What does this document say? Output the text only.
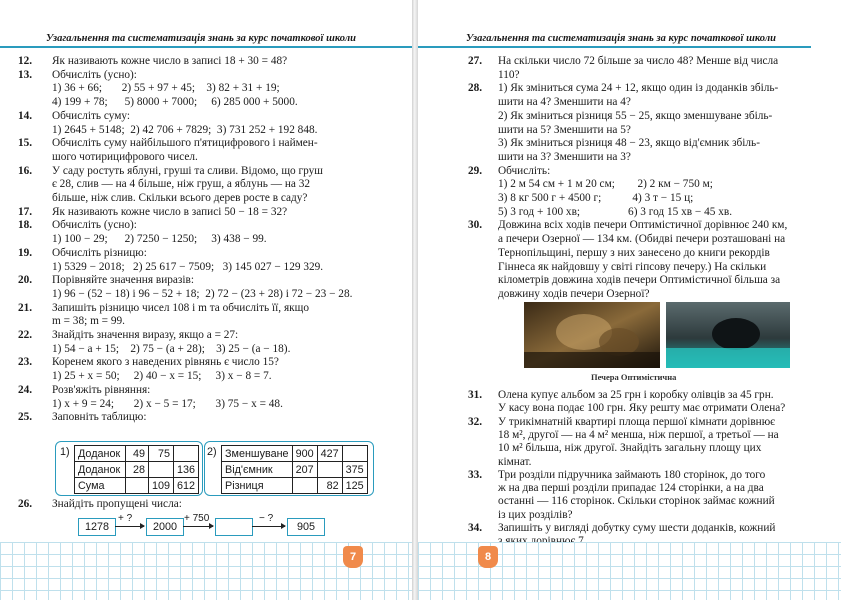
Узагальнення та систематизація знань за курс початкової школи
12. Як називають кожне число в записі 18 + 30 = 48?
13. Обчисліть (усно):
1) 36 + 66;       2) 55 + 97 + 45;    3) 82 + 31 + 19;
4) 199 + 78;      5) 8000 + 7000;     6) 285 000 + 5000.
14. Обчисліть суму:
1) 2645 + 5148;  2) 42 706 + 7829;  3) 731 252 + 192 848.
15. Обчисліть суму найбільшого п'ятицифрового і наймен-
шого чотирицифрового чисел.
16. У саду ростуть яблуні, груші та сливи. Відомо, що груш
є 28, слив — на 4 більше, ніж груш, а яблунь — на 32
більше, ніж слив. Скільки всього дерев росте в саду?
17. Як називають кожне число в записі 50 − 18 = 32?
18. Обчисліть (усно):
1) 100 − 29;      2) 7250 − 1250;     3) 438 − 99.
19. Обчисліть різницю:
1) 5329 − 2018;   2) 25 617 − 7509;   3) 145 027 − 129 329.
20. Порівняйте значення виразів:
1) 96 − (52 − 18) і 96 − 52 + 18;  2) 72 − (23 + 28) і 72 − 23 − 28.
21. Запишіть різницю чисел 108 і m та обчисліть її, якщо
m = 38; m = 99.
22. Знайдіть значення виразу, якщо a = 27:
1) 54 − a + 15;    2) 75 − (a + 28);    3) 25 − (a − 18).
23. Коренем якого з наведених рівнянь є число 15?
1) 25 + x = 50;     2) 40 − x = 15;     3) x − 8 = 7.
24. Розв'яжіть рівняння:
1) x + 9 = 24;       2) x − 5 = 17;       3) 75 − x = 48.
25. Заповніть таблицю:
1) Доданок	49	75	
Доданок	28		136
Сума		109	612
2) Зменшуване	900	427	
Від'ємник	207		375
Різниця		82	125
26. Знайдіть пропущені числа:
1278
+ ?
2000
+ 750	− ?
905
7
Узагальнення та систематизація знань за курс початкової школи
27. На скільки число 72 більше за число 48? Менше від числа
110?
28. 1) Як зміниться сума 24 + 12, якщо один із доданків збіль-
шити на 4? Зменшити на 4?
2) Як зміниться різниця 55 − 25, якщо зменшуване збіль-
шити на 5? Зменшити на 5?
3) Як зміниться різниця 48 − 23, якщо від'ємник збіль-
шити на 3? Зменшити на 3?
29. Обчисліть:
1) 2 м 54 см + 1 м 20 см;        2) 2 км − 750 м;
3) 8 кг 500 г + 4500 г;           4) 3 т − 15 ц;
5) 3 год + 100 хв;                 6) 3 год 15 хв − 45 хв.
30. Довжина всіх ходів печери Оптимістичної дорівнює 240 км,
а печери Озерної — 134 км. (Обидві печери розташовані на
Тернопільщині, першу з них занесено до книги рекордів
Гіннеса як найдовшу у світі гіпсову печеру.) На скільки
кілометрів довжина ходів печери Оптимістичної більша за
довжину ходів печери Озерної?
Печера Оптимістична
31. Олена купує альбом за 25 грн і коробку олівців за 45 грн.
У касу вона подає 100 грн. Яку решту має отримати Олена?
32. У трикімнатній квартирі площа першої кімнати дорівнює
18 м², другої — на 4 м² менша, ніж першої, а третьої — на
10 м² більша, ніж другої. Знайдіть загальну площу цих
кімнат.
33. Три розділи підручника займають 180 сторінок, до того
ж на два перші розділи припадає 124 сторінки, а на два
останні — 116 сторінок. Скільки сторінок займає кожний
із цих розділів?
34. Запишіть у вигляді добутку суму шести доданків, кожний
8
